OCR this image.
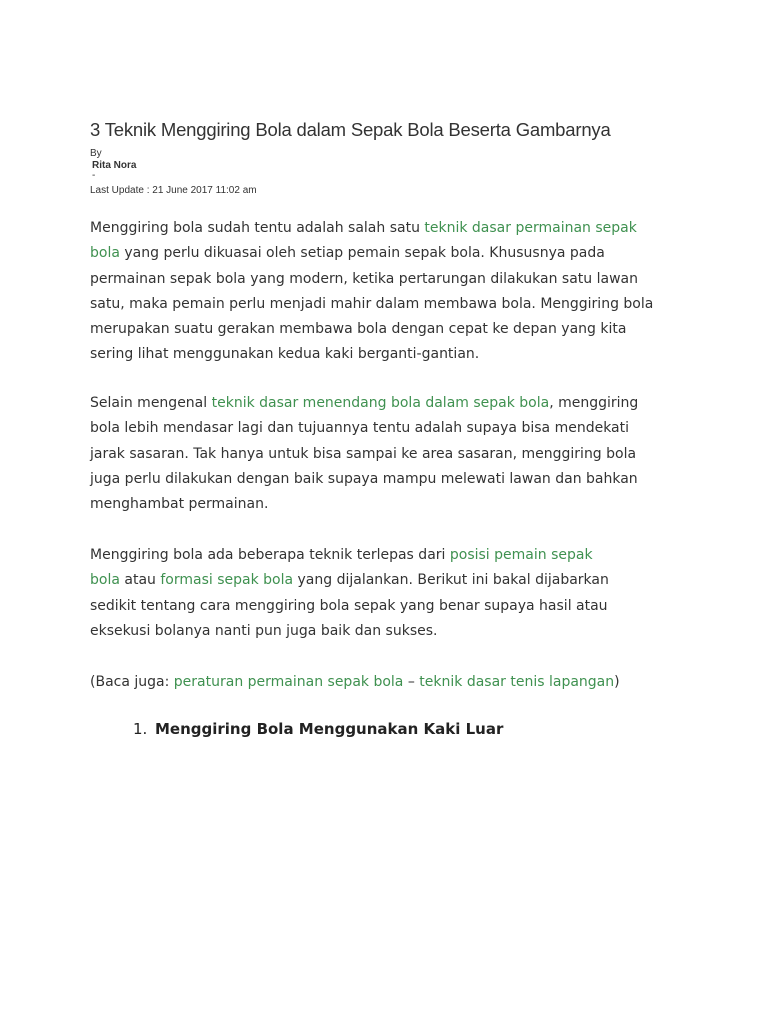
3 Teknik Menggiring Bola dalam Sepak Bola Beserta Gambarnya
By
Rita Nora
-
Last Update : 21 June 2017 11:02 am

Menggiring bola sudah tentu adalah salah satu teknik dasar permainan sepak
bola yang perlu dikuasai oleh setiap pemain sepak bola. Khususnya pada
permainan sepak bola yang modern, ketika pertarungan dilakukan satu lawan
satu, maka pemain perlu menjadi mahir dalam membawa bola. Menggiring bola
merupakan suatu gerakan membawa bola dengan cepat ke depan yang kita
sering lihat menggunakan kedua kaki berganti-gantian.

Selain mengenal teknik dasar menendang bola dalam sepak bola, menggiring
bola lebih mendasar lagi dan tujuannya tentu adalah supaya bisa mendekati
jarak sasaran. Tak hanya untuk bisa sampai ke area sasaran, menggiring bola
juga perlu dilakukan dengan baik supaya mampu melewati lawan dan bahkan
menghambat permainan.

Menggiring bola ada beberapa teknik terlepas dari posisi pemain sepak
bola atau formasi sepak bola yang dijalankan. Berikut ini bakal dijabarkan
sedikit tentang cara menggiring bola sepak yang benar supaya hasil atau
eksekusi bolanya nanti pun juga baik dan sukses.

(Baca juga: peraturan permainan sepak bola – teknik dasar tenis lapangan)

1. Menggiring Bola Menggunakan Kaki Luar
